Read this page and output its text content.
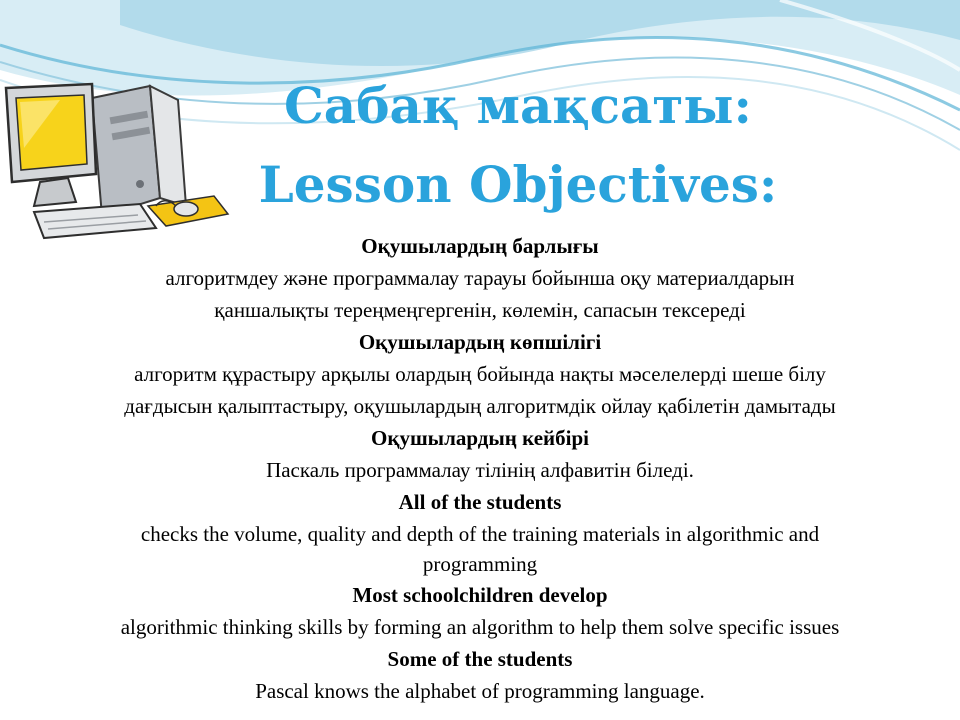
Сабақ мақсаты:
Lesson Objectives:
Оқушылардың барлығы
алгоритмдеу және программалау тарауы бойынша оқу материалдарын
қаншалықты тереңмеңгергенін, көлемін, сапасын тексереді
Оқушылардың көпшілігі
алгоритм құрастыру арқылы олардың бойында нақты мәселелерді шеше білу
дағдысын қалыптастыру, оқушылардың алгоритмдік ойлау қабілетін дамытады
Оқушылардың кейбірі
Паскаль программалау тілінің алфавитін біледі.
All of the students
checks the volume, quality and depth of the training materials in algorithmic and
programming
Most schoolchildren develop
algorithmic thinking skills by forming an algorithm to help them solve specific issues
Some of the students
Pascal knows the alphabet of programming language.
